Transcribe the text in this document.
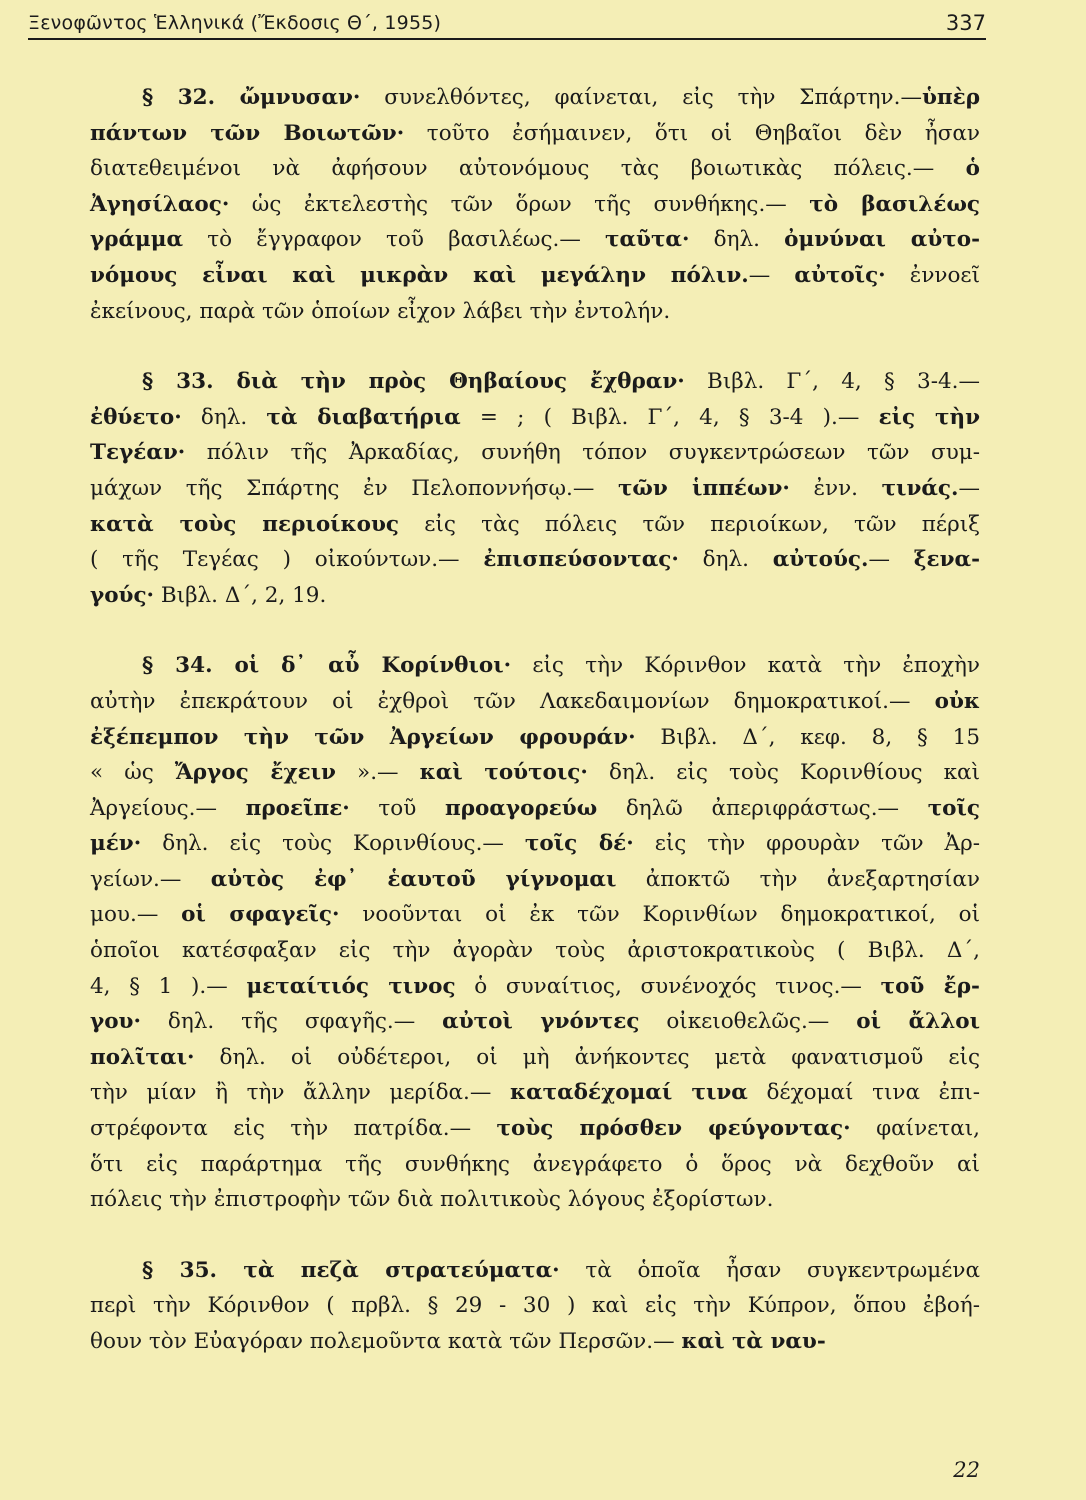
Ξενοφῶντος Ἑλληνικά (Ἔκδοσις Θ΄, 1955)	337
§ 32. ὤμνυσαν· συνελθόντες, φαίνεται, εἰς τὴν Σπάρτην.—ὑπὲρ
πάντων τῶν Βοιωτῶν· τοῦτο ἐσήμαινεν, ὅτι οἱ Θηβαῖοι δὲν ἦσαν
διατεθειμένοι νὰ ἀφήσουν αὐτονόμους τὰς βοιωτικὰς πόλεις.— ὁ
Ἀγησίλαος· ὡς ἐκτελεστὴς τῶν ὅρων τῆς συνθήκης.— τὸ βασιλέως
γράμμα τὸ ἔγγραφον τοῦ βασιλέως.— ταῦτα· δηλ. ὀμνύναι αὐτο-
νόμους εἶναι καὶ μικρὰν καὶ μεγάλην πόλιν.— αὐτοῖς· ἐννοεῖ
ἐκείνους, παρὰ τῶν ὁποίων εἶχον λάβει τὴν ἐντολήν.
§ 33. διὰ τὴν πρὸς Θηβαίους ἔχθραν· Βιβλ. Γ΄, 4, § 3-4.—
ἐθύετο· δηλ. τὰ διαβατήρια = ; ( Βιβλ. Γ΄, 4, § 3-4 ).— εἰς τὴν
Τεγέαν· πόλιν τῆς Ἀρκαδίας, συνήθη τόπον συγκεντρώσεων τῶν συμ-
μάχων τῆς Σπάρτης ἐν Πελοποννήσῳ.— τῶν ἱππέων· ἐνν. τινάς.—
κατὰ τοὺς περιοίκους εἰς τὰς πόλεις τῶν περιοίκων, τῶν πέριξ
( τῆς Τεγέας ) οἰκούντων.— ἐπισπεύσοντας· δηλ. αὐτούς.— ξενα-
γούς· Βιβλ. Δ΄, 2, 19.
§ 34. οἱ δ᾽ αὖ Κορίνθιοι· εἰς τὴν Κόρινθον κατὰ τὴν ἐποχὴν
αὐτὴν ἐπεκράτουν οἱ ἐχθροὶ τῶν Λακεδαιμονίων δημοκρατικοί.— οὐκ
ἐξέπεμπον τὴν τῶν Ἀργείων φρουράν· Βιβλ. Δ΄, κεφ. 8, § 15
« ὡς Ἄργος ἔχειν ».— καὶ τούτοις· δηλ. εἰς τοὺς Κορινθίους καὶ
Ἀργείους.— προεῖπε· τοῦ προαγορεύω δηλῶ ἀπεριφράστως.— τοῖς
μέν· δηλ. εἰς τοὺς Κορινθίους.— τοῖς δέ· εἰς τὴν φρουρὰν τῶν Ἀρ-
γείων.— αὐτὸς ἐφ᾽ ἑαυτοῦ γίγνομαι ἀποκτῶ τὴν ἀνεξαρτησίαν
μου.— οἱ σφαγεῖς· νοοῦνται οἱ ἐκ τῶν Κορινθίων δημοκρατικοί, οἱ
ὁποῖοι κατέσφαξαν εἰς τὴν ἀγορὰν τοὺς ἀριστοκρατικοὺς ( Βιβλ. Δ΄,
4, § 1 ).— μεταίτιός τινος ὁ συναίτιος, συνένοχός τινος.— τοῦ ἔρ-
γου· δηλ. τῆς σφαγῆς.— αὐτοὶ γνόντες οἰκειοθελῶς.— οἱ ἄλλοι
πολῖται· δηλ. οἱ οὐδέτεροι, οἱ μὴ ἀνήκοντες μετὰ φανατισμοῦ εἰς
τὴν μίαν ἢ τὴν ἄλλην μερίδα.— καταδέχομαί τινα δέχομαί τινα ἐπι-
στρέφοντα εἰς τὴν πατρίδα.— τοὺς πρόσθεν φεύγοντας· φαίνεται,
ὅτι εἰς παράρτημα τῆς συνθήκης ἀνεγράφετο ὁ ὅρος νὰ δεχθοῦν αἱ
πόλεις τὴν ἐπιστροφὴν τῶν διὰ πολιτικοὺς λόγους ἐξορίστων.
§ 35. τὰ πεζὰ στρατεύματα· τὰ ὁποῖα ἦσαν συγκεντρωμένα
περὶ τὴν Κόρινθον ( πρβλ. § 29 - 30 ) καὶ εἰς τὴν Κύπρον, ὅπου ἐβοή-
θουν τὸν Εὐαγόραν πολεμοῦντα κατὰ τῶν Περσῶν.— καὶ τὰ ναυ-
22
